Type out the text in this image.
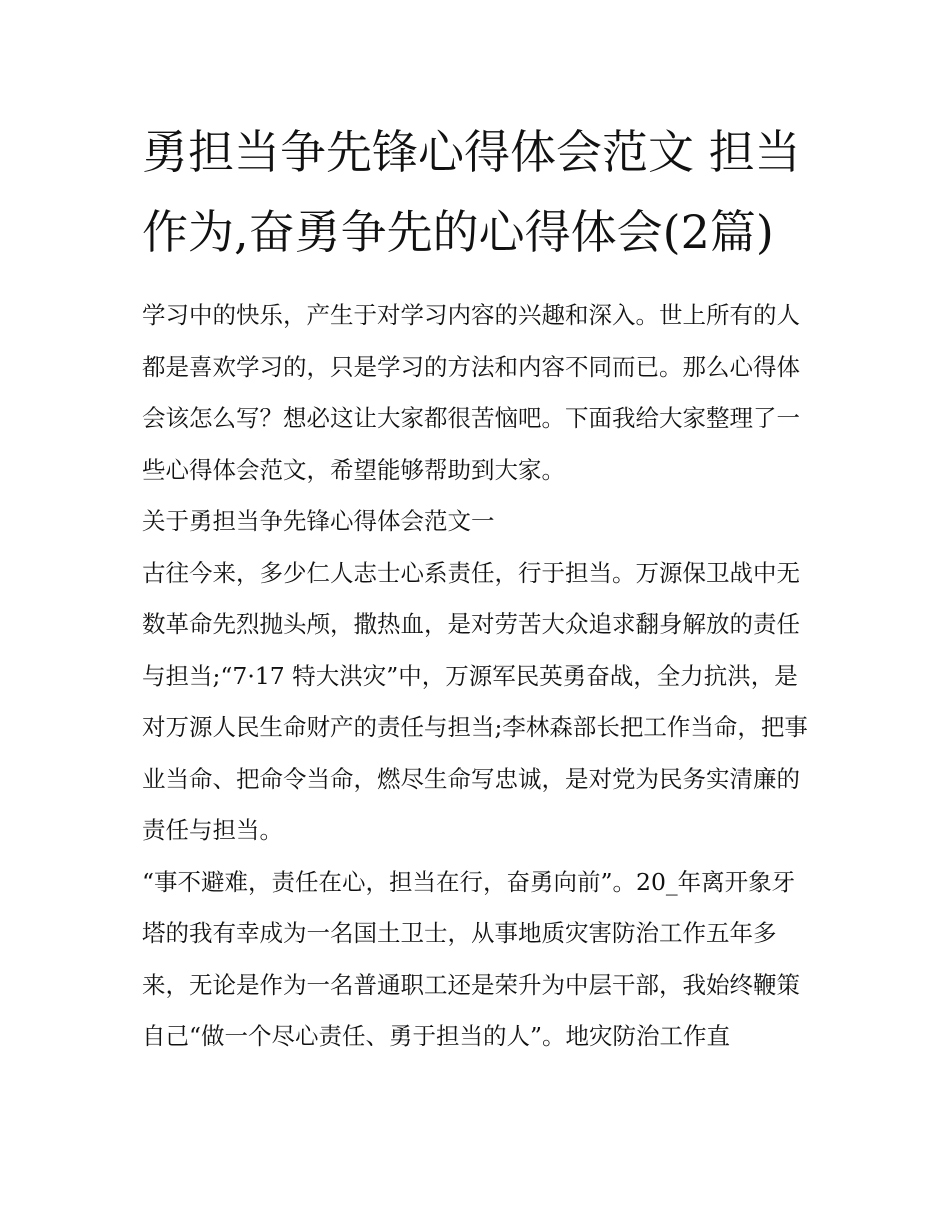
勇担当争先锋心得体会范文 担当作为,奋勇争先的心得体会(2篇)

学习中的快乐，产生于对学习内容的兴趣和深入。世上所有的人都是喜欢学习的，只是学习的方法和内容不同而已。那么心得体会该怎么写？想必这让大家都很苦恼吧。下面我给大家整理了一些心得体会范文，希望能够帮助到大家。

关于勇担当争先锋心得体会范文一

古往今来，多少仁人志士心系责任，行于担当。万源保卫战中无数革命先烈抛头颅，撒热血，是对劳苦大众追求翻身解放的责任与担当;“7·17 特大洪灾”中，万源军民英勇奋战，全力抗洪，是对万源人民生命财产的责任与担当;李林森部长把工作当命，把事业当命、把命令当命，燃尽生命写忠诚，是对党为民务实清廉的责任与担当。

“事不避难，责任在心，担当在行，奋勇向前”。20_年离开象牙塔的我有幸成为一名国土卫士，从事地质灾害防治工作五年多来，无论是作为一名普通职工还是荣升为中层干部，我始终鞭策自己“做一个尽心责任、勇于担当的人”。地灾防治工作直
